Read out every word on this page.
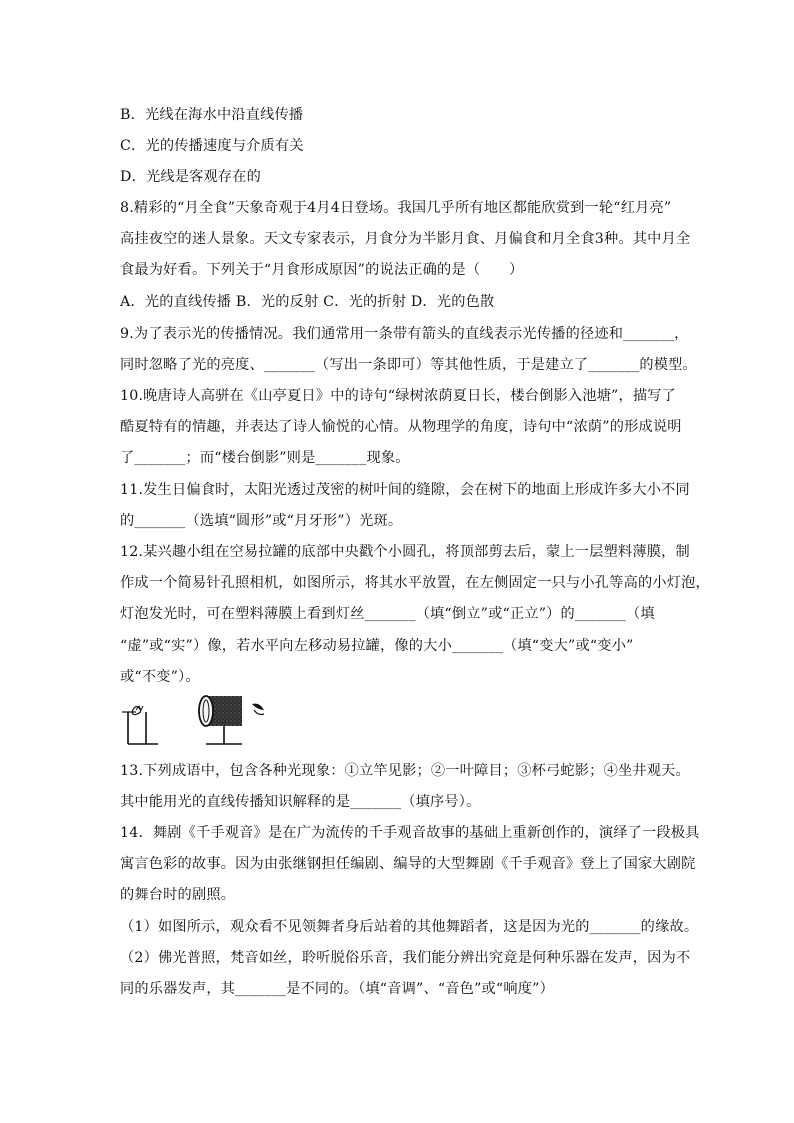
B．光线在海水中沿直线传播
C．光的传播速度与介质有关
D．光线是客观存在的
8.精彩的“月全食”天象奇观于4月4日登场。我国几乎所有地区都能欣赏到一轮“红月亮”
高挂夜空的迷人景象。天文专家表示，月食分为半影月食、月偏食和月全食3种。其中月全
食最为好看。下列关于“月食形成原因”的说法正确的是（　　）
A．光的直线传播 B．光的反射 C．光的折射 D．光的色散
9.为了表示光的传播情况。我们通常用一条带有箭头的直线表示光传播的径迹和_______，
同时忽略了光的亮度、_______（写出一条即可）等其他性质，于是建立了_______的模型。
10.晚唐诗人高骈在《山亭夏日》中的诗句“绿树浓荫夏日长，楼台倒影入池塘”，描写了
酷夏特有的情趣，并表达了诗人愉悦的心情。从物理学的角度，诗句中“浓荫”的形成说明
了_______；而“楼台倒影”则是_______现象。
11.发生日偏食时，太阳光透过茂密的树叶间的缝隙，会在树下的地面上形成许多大小不同
的_______（选填“圆形”或“月牙形”）光斑。
12.某兴趣小组在空易拉罐的底部中央戳个小圆孔，将顶部剪去后，蒙上一层塑料薄膜，制
作成一个简易针孔照相机，如图所示，将其水平放置，在左侧固定一只与小孔等高的小灯泡，
灯泡发光时，可在塑料薄膜上看到灯丝_______（填“倒立”或“正立”）的_______（填
“虚”或“实”）像，若水平向左移动易拉罐，像的大小_______（填“变大”或“变小”
或“不变”）。
13.下列成语中，包含各种光现象：①立竿见影；②一叶障目；③杯弓蛇影；④坐井观天。
其中能用光的直线传播知识解释的是_______（填序号）。
14．舞剧《千手观音》是在广为流传的千手观音故事的基础上重新创作的，演绎了一段极具
寓言色彩的故事。因为由张继钢担任编剧、编导的大型舞剧《千手观音》登上了国家大剧院
的舞台时的剧照。
（1）如图所示，观众看不见领舞者身后站着的其他舞蹈者，这是因为光的_______的缘故。
（2）佛光普照，梵音如丝，聆听脱俗乐音，我们能分辨出究竟是何种乐器在发声，因为不
同的乐器发声，其_______是不同的。（填“音调”、“音色”或“响度”）
